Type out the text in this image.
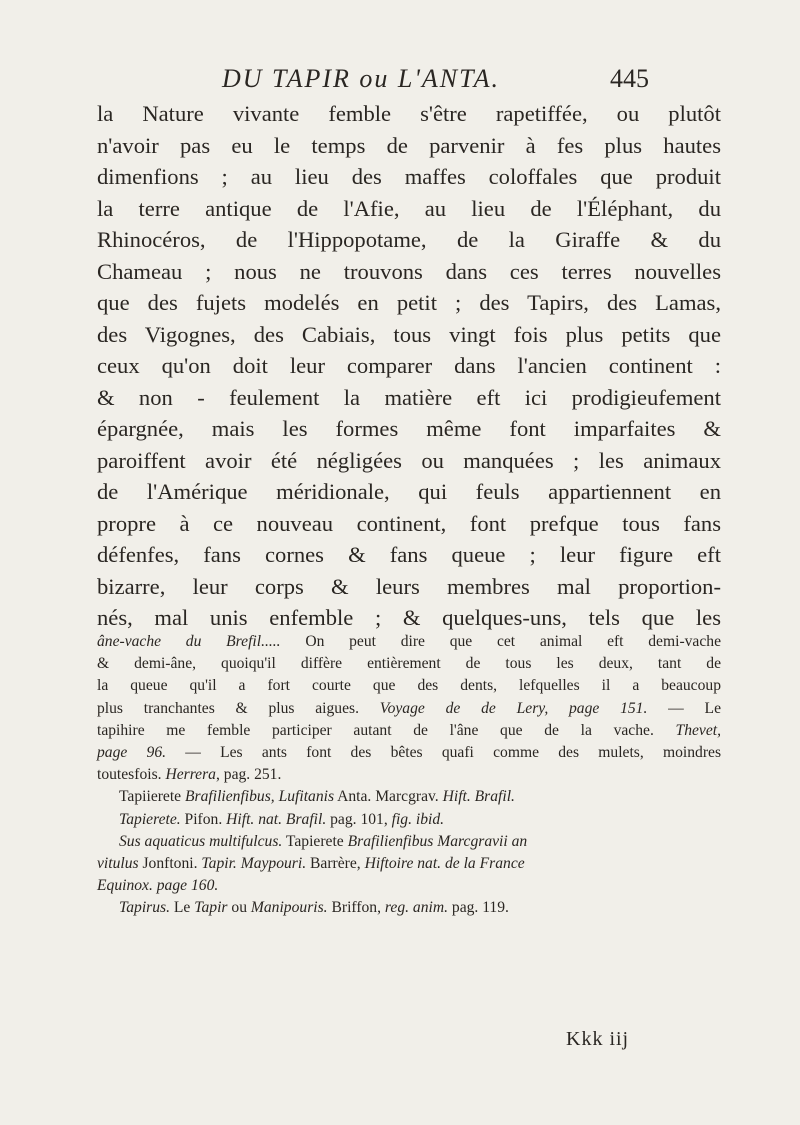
DU TAPIR ou L'ANTA.	445
la Nature vivante femble s'être rapetiffée, ou plutôt
n'avoir pas eu le temps de parvenir à fes plus hautes
dimenfions ; au lieu des maffes coloffales que produit
la terre antique de l'Afie, au lieu de l'Éléphant, du
Rhinocéros, de l'Hippopotame, de la Giraffe & du
Chameau ; nous ne trouvons dans ces terres nouvelles
que des fujets modelés en petit ; des Tapirs, des Lamas,
des Vigognes, des Cabiais, tous vingt fois plus petits que
ceux qu'on doit leur comparer dans l'ancien continent :
& non - feulement la matière eft ici prodigieufement
épargnée, mais les formes même font imparfaites &
paroiffent avoir été négligées ou manquées ; les animaux
de l'Amérique méridionale, qui feuls appartiennent en
propre à ce nouveau continent, font prefque tous fans
défenfes, fans cornes & fans queue ; leur figure eft
bizarre, leur corps & leurs membres mal proportion-
nés, mal unis enfemble ; & quelques-uns, tels que les
âne-vache du Brefil..... On peut dire que cet animal eft demi-vache
& demi-âne, quoiqu'il diffère entièrement de tous les deux, tant de
la queue qu'il a fort courte que des dents, lefquelles il a beaucoup
plus tranchantes & plus aigues. Voyage de de Lery, page 151. — Le
tapihire me femble participer autant de l'âne que de la vache. Thevet,
page 96. — Les ants font des bêtes quafi comme des mulets, moindres
toutesfois. Herrera, pag. 251.
Tapiierete Brafilienfibus, Lufitanis Anta. Marcgrav. Hift. Brafil.
Tapierete. Pifon. Hift. nat. Brafil. pag. 101, fig. ibid.
Sus aquaticus multifulcus. Tapierete Brafilienfibus Marcgravii an
vitulus Jonftoni. Tapir. Maypouri. Barrère, Hiftoire nat. de la France
Equinox. page 160.
Tapirus. Le Tapir ou Manipouris. Briffon, reg. anim. pag. 119.
Kkk iij
